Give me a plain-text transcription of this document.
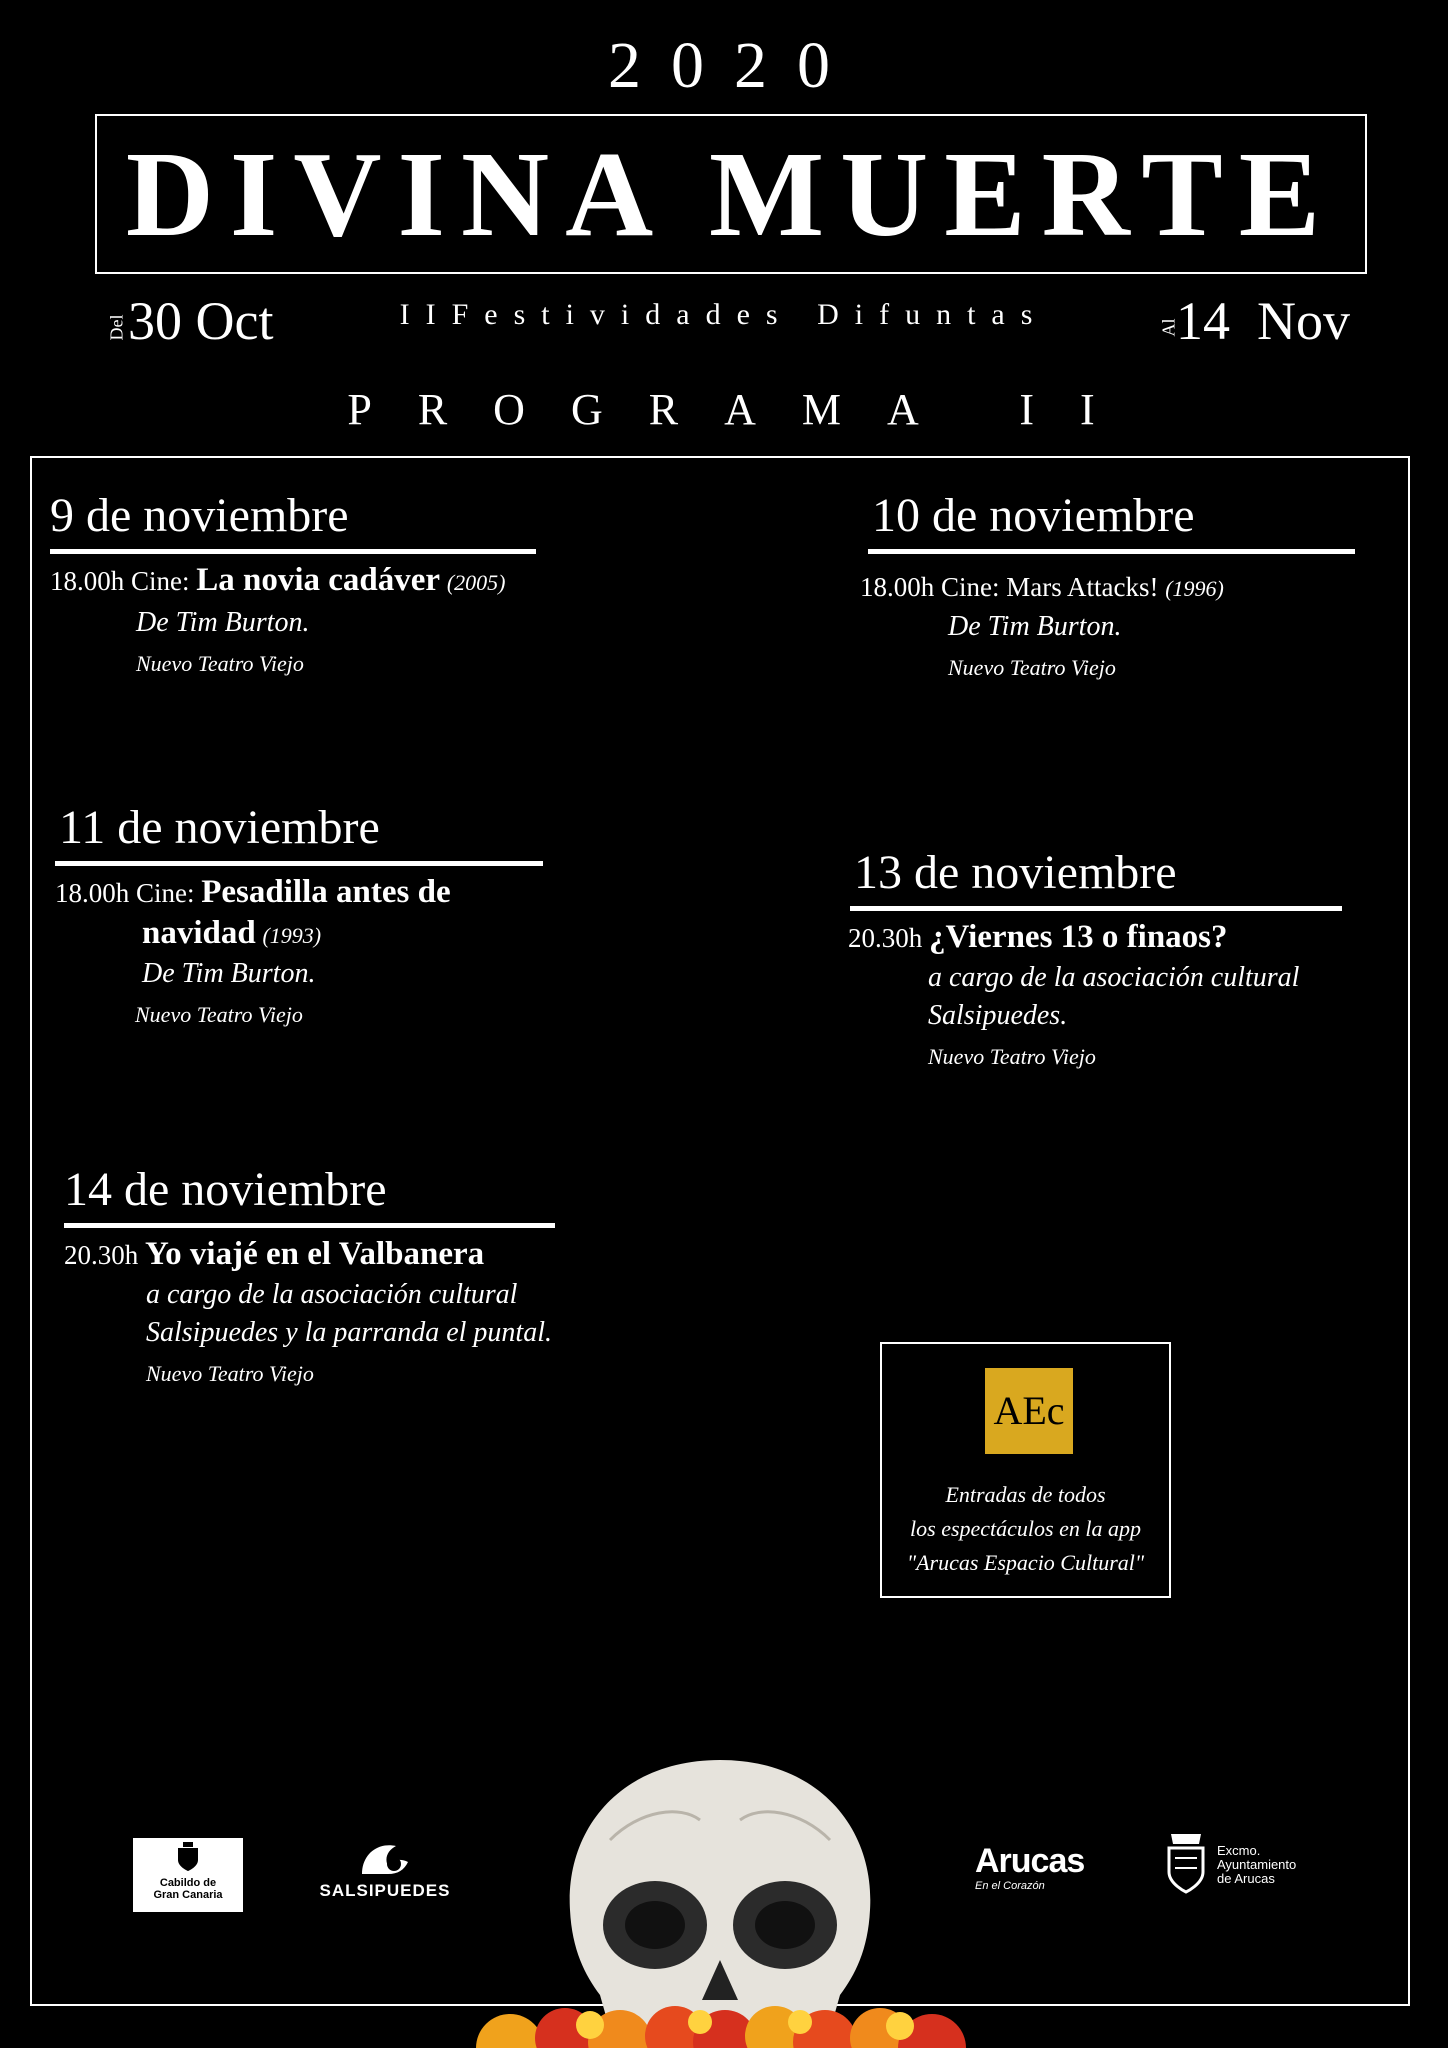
2020
DIVINA MUERTE
Del30 Oct	IIFestividades Difuntas	Al14  Nov
PROGRAMA II
9 de noviembre
18.00h Cine: La novia cadáver (2005)
De Tim Burton.
Nuevo Teatro Viejo
10 de noviembre
18.00h Cine: Mars Attacks! (1996)
De Tim Burton.
Nuevo Teatro Viejo
11 de noviembre
18.00h Cine: Pesadilla antes de
navidad (1993)
De Tim Burton.
Nuevo Teatro Viejo
13 de noviembre
20.30h ¿Viernes 13 o finaos?
a cargo de la asociación cultural
Salsipuedes.
Nuevo Teatro Viejo
14 de noviembre
20.30h Yo viajé en el Valbanera
a cargo de la asociación cultural
Salsipuedes y la parranda el puntal.
Nuevo Teatro Viejo
AEc
Entradas de todos
los espectáculos en la app
"Arucas Espacio Cultural"
Cabildo de
Gran Canaria	SALSIPUEDES
Arucas
En el Corazón
Excmo.
Ayuntamiento
de Arucas
